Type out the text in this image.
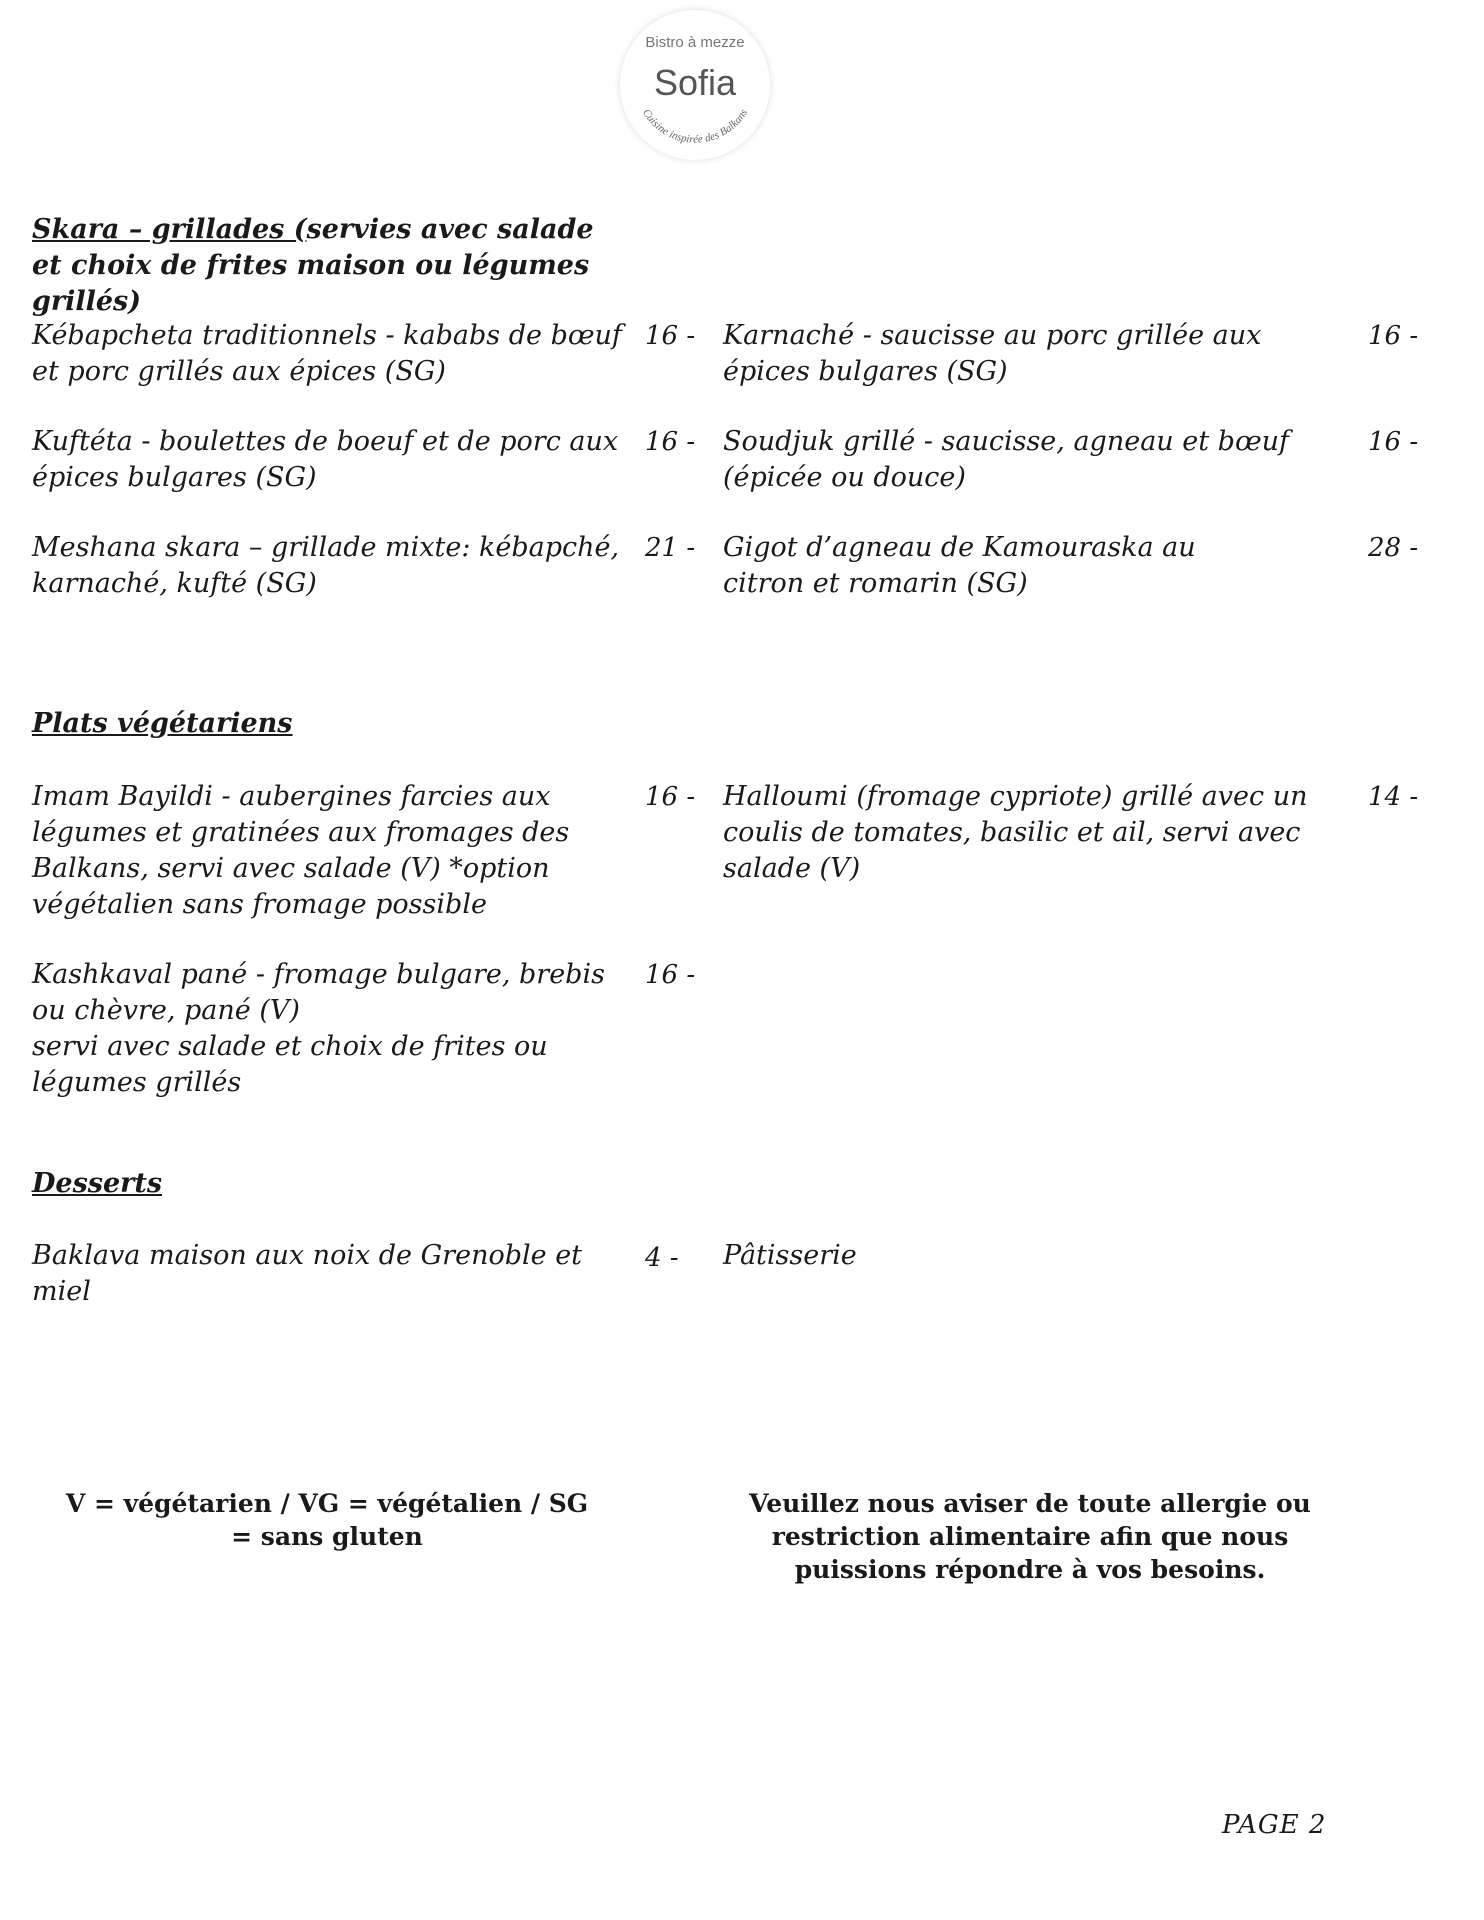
Bistro à mezze
Sofia
Cuisine inspirée des Balkans
Skara – grillades (servies avec salade et choix de frites maison ou légumes grillés)
Kébapcheta traditionnels - kababs de bœuf et porc grillés aux épices (SG)
16 - Karnaché - saucisse au porc grillée aux épices bulgares (SG)
16 -
Kuftéta - boulettes de boeuf et de porc aux épices bulgares (SG)
16 - Soudjuk grillé - saucisse, agneau et bœuf (épicée ou douce)
16 -
Meshana skara – grillade mixte: kébapché, karnaché, kufté (SG)
21 - Gigot d’agneau de Kamouraska au citron et romarin (SG)
28 -
Plats végétariens
Imam Bayildi - aubergines farcies aux légumes et gratinées aux fromages des Balkans, servi avec salade (V) *option végétalien sans fromage possible
16 - Halloumi (fromage cypriote) grillé avec un coulis de tomates, basilic et ail, servi avec salade (V)
14 -
Kashkaval pané - fromage bulgare, brebis ou chèvre, pané (V)
servi avec salade et choix de frites ou légumes grillés
16 -
Desserts
Baklava maison aux noix de Grenoble et miel
4 - Pâtisserie
V = végétarien / VG = végétalien / SG = sans gluten
Veuillez nous aviser de toute allergie ou restriction alimentaire afin que nous puissions répondre à vos besoins.
PAGE 2
